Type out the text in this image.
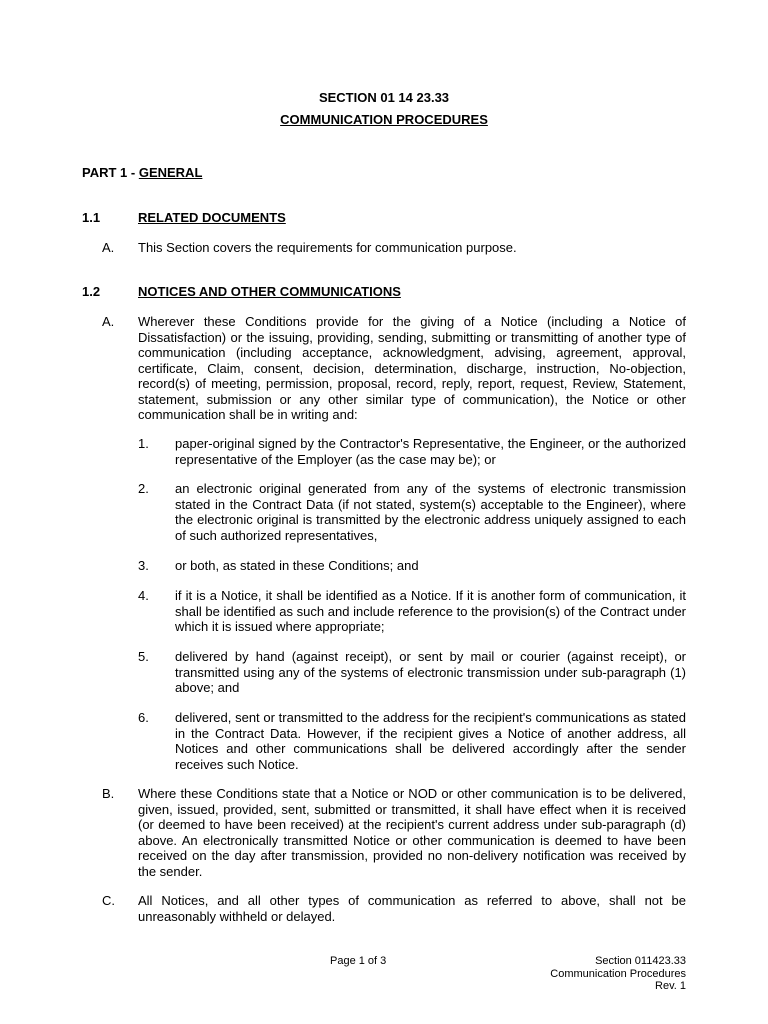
SECTION 01 14 23.33
COMMUNICATION PROCEDURES
PART 1 - GENERAL
1.1	RELATED DOCUMENTS
A. This Section covers the requirements for communication purpose.
1.2	NOTICES AND OTHER COMMUNICATIONS
A. Wherever these Conditions provide for the giving of a Notice (including a Notice of Dissatisfaction) or the issuing, providing, sending, submitting or transmitting of another type of communication (including acceptance, acknowledgment, advising, agreement, approval, certificate, Claim, consent, decision, determination, discharge, instruction, No-objection, record(s) of meeting, permission, proposal, record, reply, report, request, Review, Statement, statement, submission or any other similar type of communication), the Notice or other communication shall be in writing and:
1. paper-original signed by the Contractor's Representative, the Engineer, or the authorized representative of the Employer (as the case may be); or
2. an electronic original generated from any of the systems of electronic transmission stated in the Contract Data (if not stated, system(s) acceptable to the Engineer), where the electronic original is transmitted by the electronic address uniquely assigned to each of such authorized representatives,
3. or both, as stated in these Conditions; and
4. if it is a Notice, it shall be identified as a Notice. If it is another form of communication, it shall be identified as such and include reference to the provision(s) of the Contract under which it is issued where appropriate;
5. delivered by hand (against receipt), or sent by mail or courier (against receipt), or transmitted using any of the systems of electronic transmission under sub-paragraph (1) above; and
6. delivered, sent or transmitted to the address for the recipient's communications as stated in the Contract Data. However, if the recipient gives a Notice of another address, all Notices and other communications shall be delivered accordingly after the sender receives such Notice.
B. Where these Conditions state that a Notice or NOD or other communication is to be delivered, given, issued, provided, sent, submitted or transmitted, it shall have effect when it is received (or deemed to have been received) at the recipient's current address under sub-paragraph (d) above. An electronically transmitted Notice or other communication is deemed to have been received on the day after transmission, provided no non-delivery notification was received by the sender.
C. All Notices, and all other types of communication as referred to above, shall not be unreasonably withheld or delayed.
Page 1 of 3	Section 011423.33
Communication Procedures
Rev. 1
